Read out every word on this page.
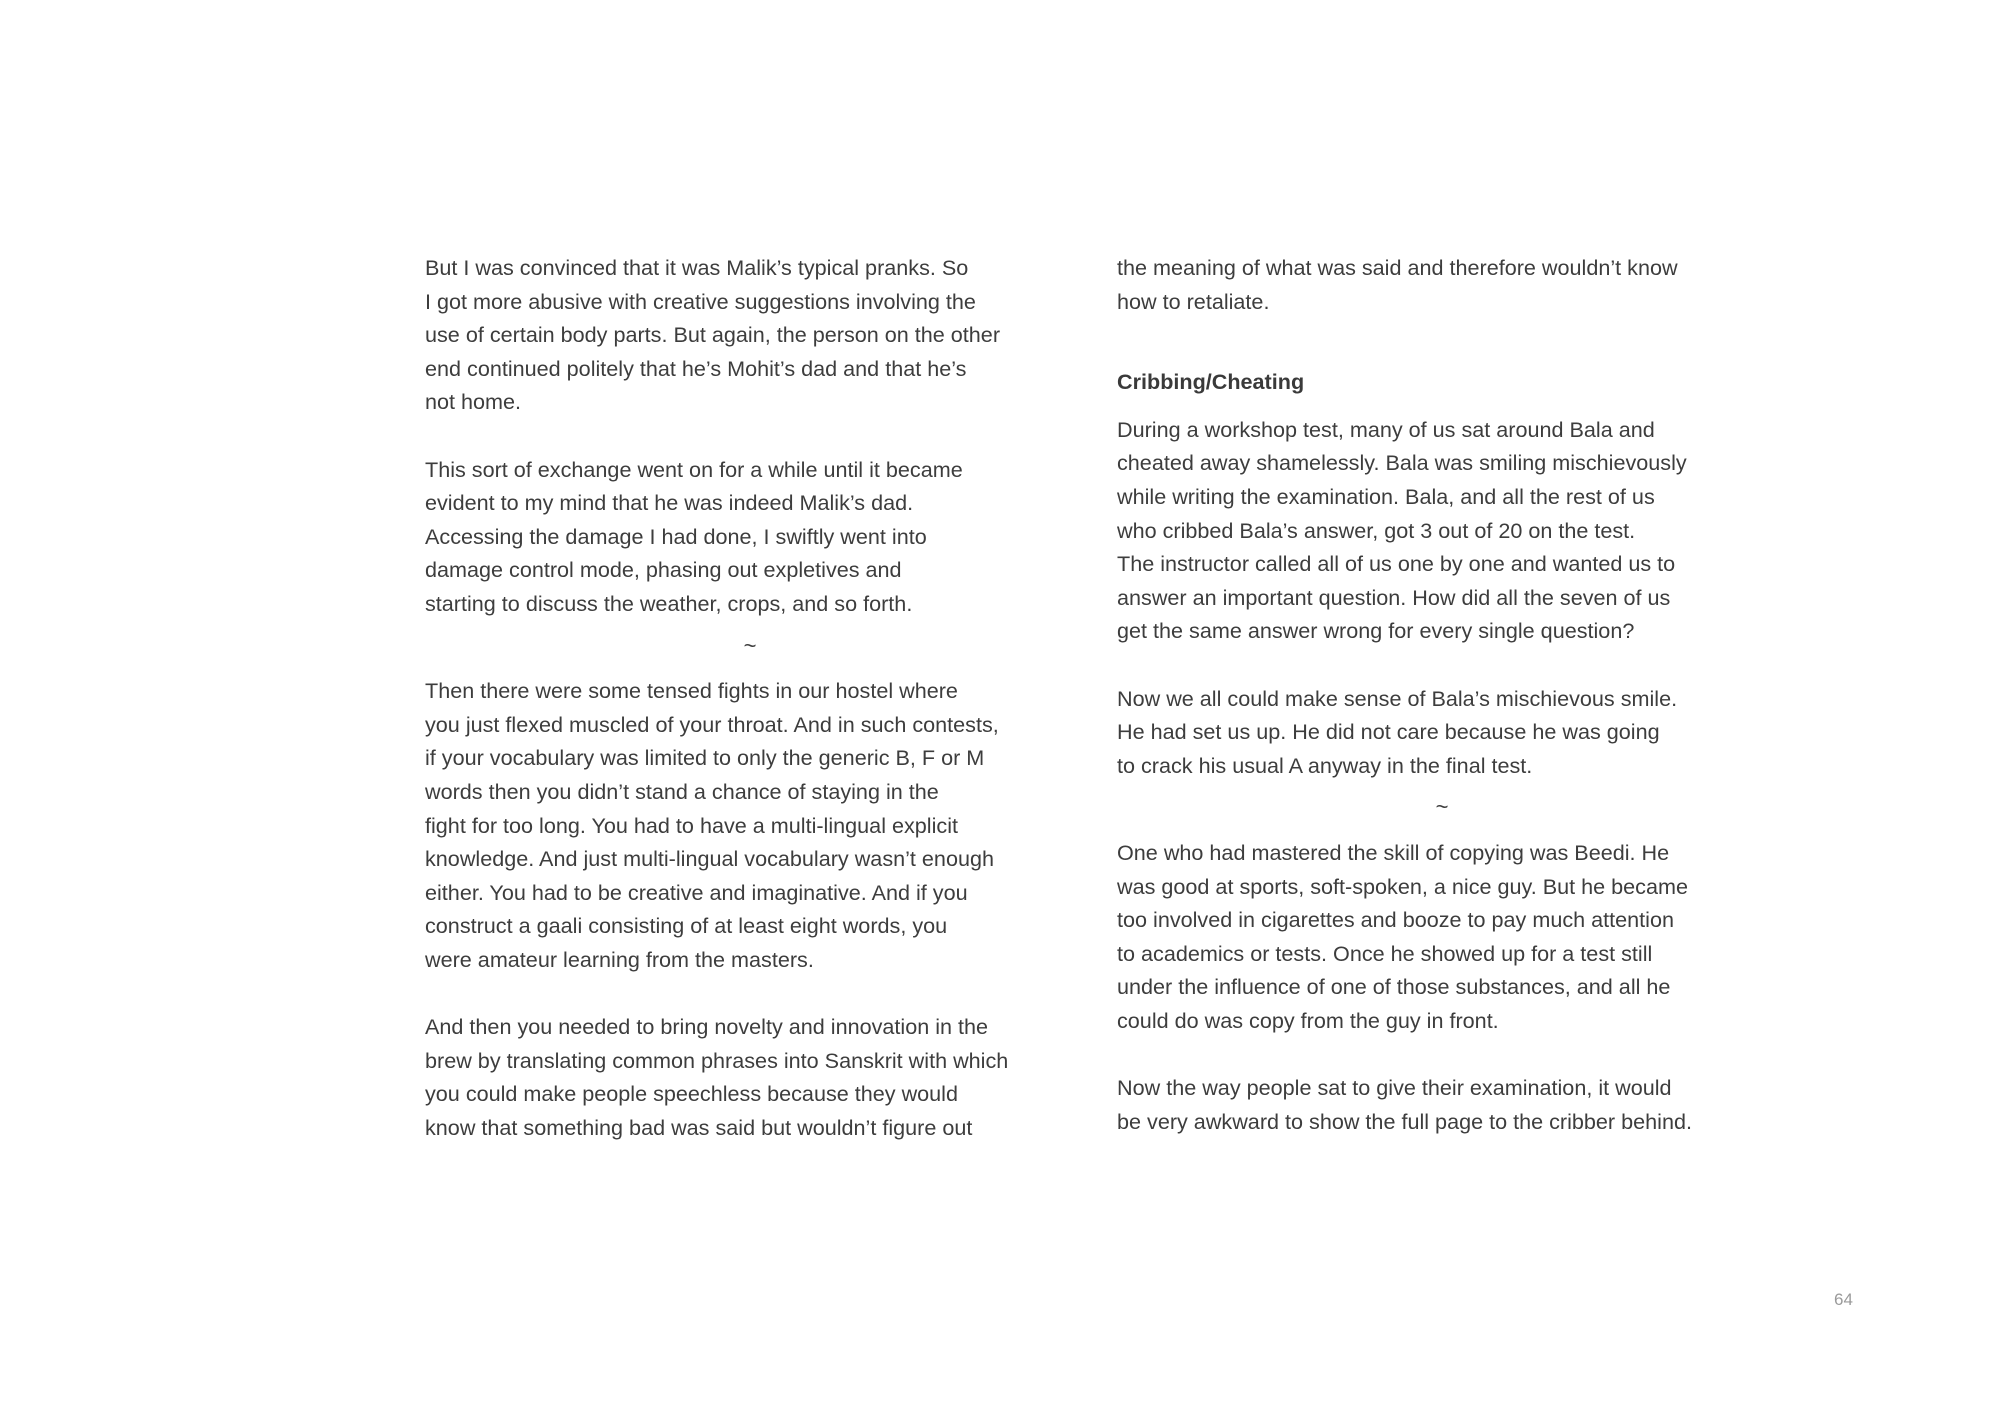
But I was convinced that it was Malik’s typical pranks. So
I got more abusive with creative suggestions involving the
use of certain body parts. But again, the person on the other
end continued politely that he’s Mohit’s dad and that he’s
not home.
This sort of exchange went on for a while until it became
evident to my mind that he was indeed Malik’s dad.
Accessing the damage I had done, I swiftly went into
damage control mode, phasing out expletives and
starting to discuss the weather, crops, and so forth.
~
Then there were some tensed fights in our hostel where
you just flexed muscled of your throat. And in such contests,
if your vocabulary was limited to only the generic B, F or M
words then you didn’t stand a chance of staying in the
fight for too long. You had to have a multi-lingual explicit
knowledge. And just multi-lingual vocabulary wasn’t enough
either. You had to be creative and imaginative. And if you
construct a gaali consisting of at least eight words, you
were amateur learning from the masters.
And then you needed to bring novelty and innovation in the
brew by translating common phrases into Sanskrit with which
you could make people speechless because they would
know that something bad was said but wouldn’t figure out
the meaning of what was said and therefore wouldn’t know
how to retaliate.
Cribbing/Cheating
During a workshop test, many of us sat around Bala and
cheated away shamelessly. Bala was smiling mischievously
while writing the examination. Bala, and all the rest of us
who cribbed Bala’s answer, got 3 out of 20 on the test.
The instructor called all of us one by one and wanted us to
answer an important question. How did all the seven of us
get the same answer wrong for every single question?
Now we all could make sense of Bala’s mischievous smile.
He had set us up. He did not care because he was going
to crack his usual A anyway in the final test.
~
One who had mastered the skill of copying was Beedi. He
was good at sports, soft-spoken, a nice guy. But he became
too involved in cigarettes and booze to pay much attention
to academics or tests. Once he showed up for a test still
under the influence of one of those substances, and all he
could do was copy from the guy in front.
Now the way people sat to give their examination, it would
be very awkward to show the full page to the cribber behind.
64
